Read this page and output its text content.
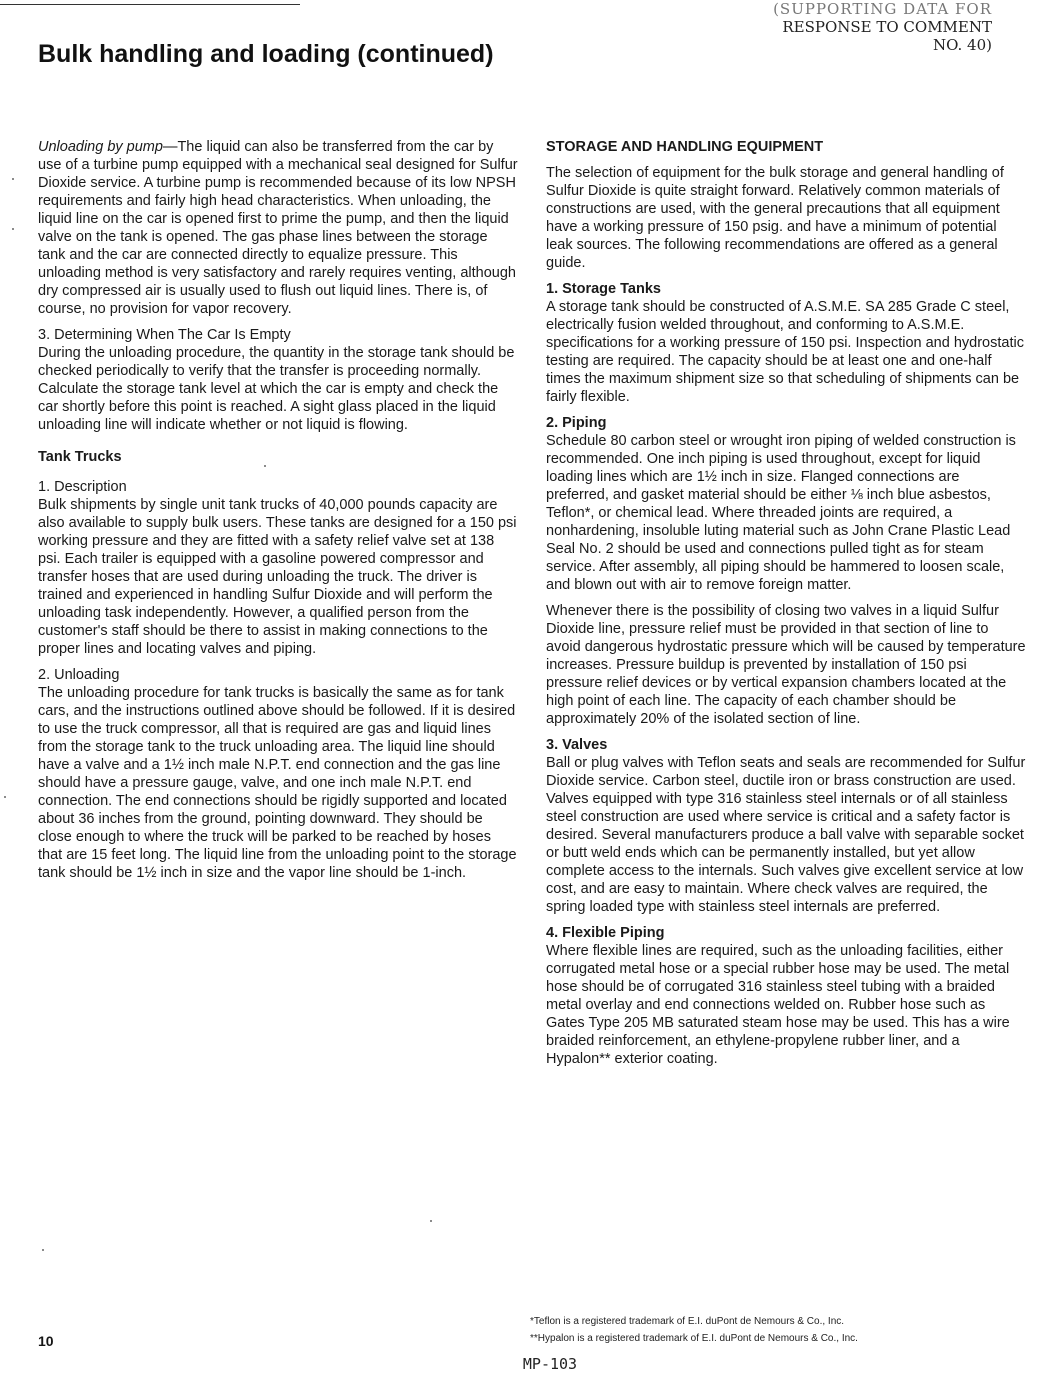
(SUPPORTING DATA FOR
RESPONSE TO COMMENT
NO. 40)
Bulk handling and loading (continued)

Unloading by pump—The liquid can also be transferred from the car by use of a turbine pump equipped with a mechanical seal designed for Sulfur Dioxide service. A turbine pump is recommended because of its low NPSH requirements and fairly high head characteristics. When unloading, the liquid line on the car is opened first to prime the pump, and then the liquid valve on the tank is opened. The gas phase lines between the storage tank and the car are connected directly to equalize pressure. This unloading method is very satisfactory and rarely requires venting, although dry compressed air is usually used to flush out liquid lines. There is, of course, no provision for vapor recovery.

3. Determining When The Car Is Empty

During the unloading procedure, the quantity in the storage tank should be checked periodically to verify that the transfer is proceeding normally. Calculate the storage tank level at which the car is empty and check the car shortly before this point is reached. A sight glass placed in the liquid unloading line will indicate whether or not liquid is flowing.

Tank Trucks
1. Description

Bulk shipments by single unit tank trucks of 40,000 pounds capacity are also available to supply bulk users. These tanks are designed for a 150 psi working pressure and they are fitted with a safety relief valve set at 138 psi. Each trailer is equipped with a gasoline powered compressor and transfer hoses that are used during unloading the truck. The driver is trained and experienced in handling Sulfur Dioxide and will perform the unloading task independently. However, a qualified person from the customer's staff should be there to assist in making connections to the proper lines and locating valves and piping.

2. Unloading

The unloading procedure for tank trucks is basically the same as for tank cars, and the instructions outlined above should be followed. If it is desired to use the truck compressor, all that is required are gas and liquid lines from the storage tank to the truck unloading area. The liquid line should have a valve and a 1½ inch male N.P.T. end connection and the gas line should have a pressure gauge, valve, and one inch male N.P.T. end connection. The end connections should be rigidly supported and located about 36 inches from the ground, pointing downward. They should be close enough to where the truck will be parked to be reached by hoses that are 15 feet long. The liquid line from the unloading point to the storage tank should be 1½ inch in size and the vapor line should be 1-inch.

STORAGE AND HANDLING EQUIPMENT

The selection of equipment for the bulk storage and general handling of Sulfur Dioxide is quite straight forward. Relatively common materials of constructions are used, with the general precautions that all equipment have a working pressure of 150 psig. and have a minimum of potential leak sources. The following recommendations are offered as a general guide.

1. Storage Tanks

A storage tank should be constructed of A.S.M.E. SA 285 Grade C steel, electrically fusion welded throughout, and conforming to A.S.M.E. specifications for a working pressure of 150 psi. Inspection and hydrostatic testing are required. The capacity should be at least one and one-half times the maximum shipment size so that scheduling of shipments can be fairly flexible.

2. Piping

Schedule 80 carbon steel or wrought iron piping of welded construction is recommended. One inch piping is used throughout, except for liquid loading lines which are 1½ inch in size. Flanged connections are preferred, and gasket material should be either ⅛ inch blue asbestos, Teflon*, or chemical lead. Where threaded joints are required, a nonhardening, insoluble luting material such as John Crane Plastic Lead Seal No. 2 should be used and connections pulled tight as for steam service. After assembly, all piping should be hammered to loosen scale, and blown out with air to remove foreign matter.

Whenever there is the possibility of closing two valves in a liquid Sulfur Dioxide line, pressure relief must be provided in that section of line to avoid dangerous hydrostatic pressure which will be caused by temperature increases. Pressure buildup is prevented by installation of 150 psi pressure relief devices or by vertical expansion chambers located at the high point of each line. The capacity of each chamber should be approximately 20% of the isolated section of line.

3. Valves

Ball or plug valves with Teflon seats and seals are recommended for Sulfur Dioxide service. Carbon steel, ductile iron or brass construction are used. Valves equipped with type 316 stainless steel internals or of all stainless steel construction are used where service is critical and a safety factor is desired. Several manufacturers produce a ball valve with separable socket or butt weld ends which can be permanently installed, but yet allow complete access to the internals. Such valves give excellent service at low cost, and are easy to maintain. Where check valves are required, the spring loaded type with stainless steel internals are preferred.

4. Flexible Piping

Where flexible lines are required, such as the unloading facilities, either corrugated metal hose or a special rubber hose may be used. The metal hose should be of corrugated 316 stainless steel tubing with a braided metal overlay and end connections welded on. Rubber hose such as Gates Type 205 MB saturated steam hose may be used. This has a wire braided reinforcement, an ethylene-propylene rubber liner, and a Hypalon** exterior coating.

*Teflon is a registered trademark of E.I. duPont de Nemours & Co., Inc.
**Hypalon is a registered trademark of E.I. duPont de Nemours & Co., Inc.
10
MP-103
